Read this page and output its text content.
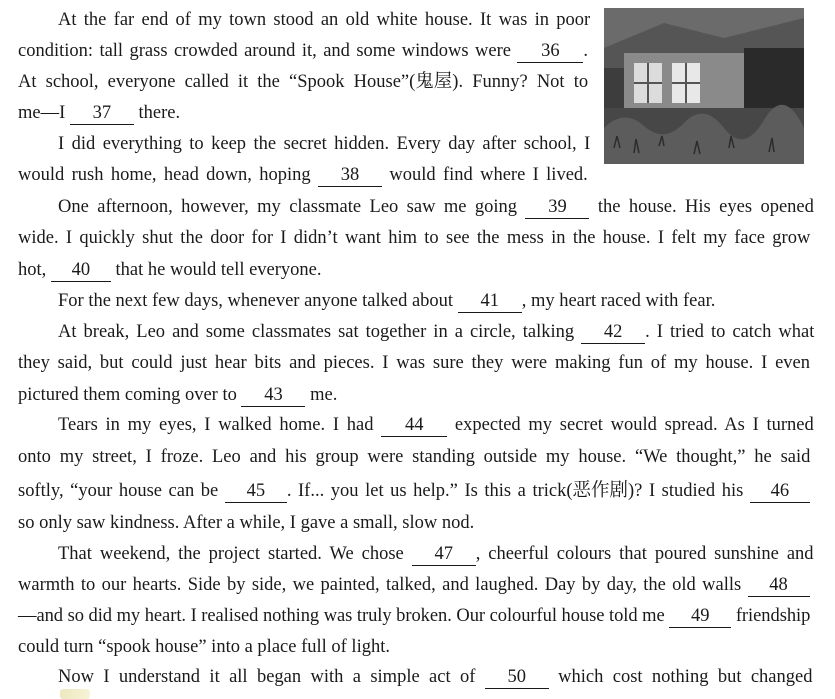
At the far end of my town stood an old white house. It was in poor
condition: tall grass crowded around it, and some windows were 36 .
At school, everyone called it the “Spook House”(鬼屋). Funny? Not to
me—I 37 there.
I did everything to keep the secret hidden. Every day after school, I
would rush home, head down, hoping 38 would find where I lived.
One afternoon, however, my classmate Leo saw me going 39 the house. His eyes opened
wide. I quickly shut the door for I didn’t want him to see the mess in the house. I felt my face grow
hot, 40 that he would tell everyone.
For the next few days, whenever anyone talked about 41 , my heart raced with fear.
At break, Leo and some classmates sat together in a circle, talking 42 . I tried to catch what
they said, but could just hear bits and pieces. I was sure they were making fun of my house. I even
pictured them coming over to 43 me.
Tears in my eyes, I walked home. I had 44 expected my secret would spread. As I turned
onto my street, I froze. Leo and his group were standing outside my house. “We thought,” he said
softly, “your house can be 45 . If... you let us help.” Is this a trick(恶作剧)? I studied his 46
so only saw kindness. After a while, I gave a small, slow nod.
That weekend, the project started. We chose 47 , cheerful colours that poured sunshine and
warmth to our hearts. Side by side, we painted, talked, and laughed. Day by day, the old walls 48
—and so did my heart. I realised nothing was truly broken. Our colourful house told me 49 friendship
could turn “spook house” into a place full of light.
Now I understand it all began with a simple act of 50 which cost nothing but changed
